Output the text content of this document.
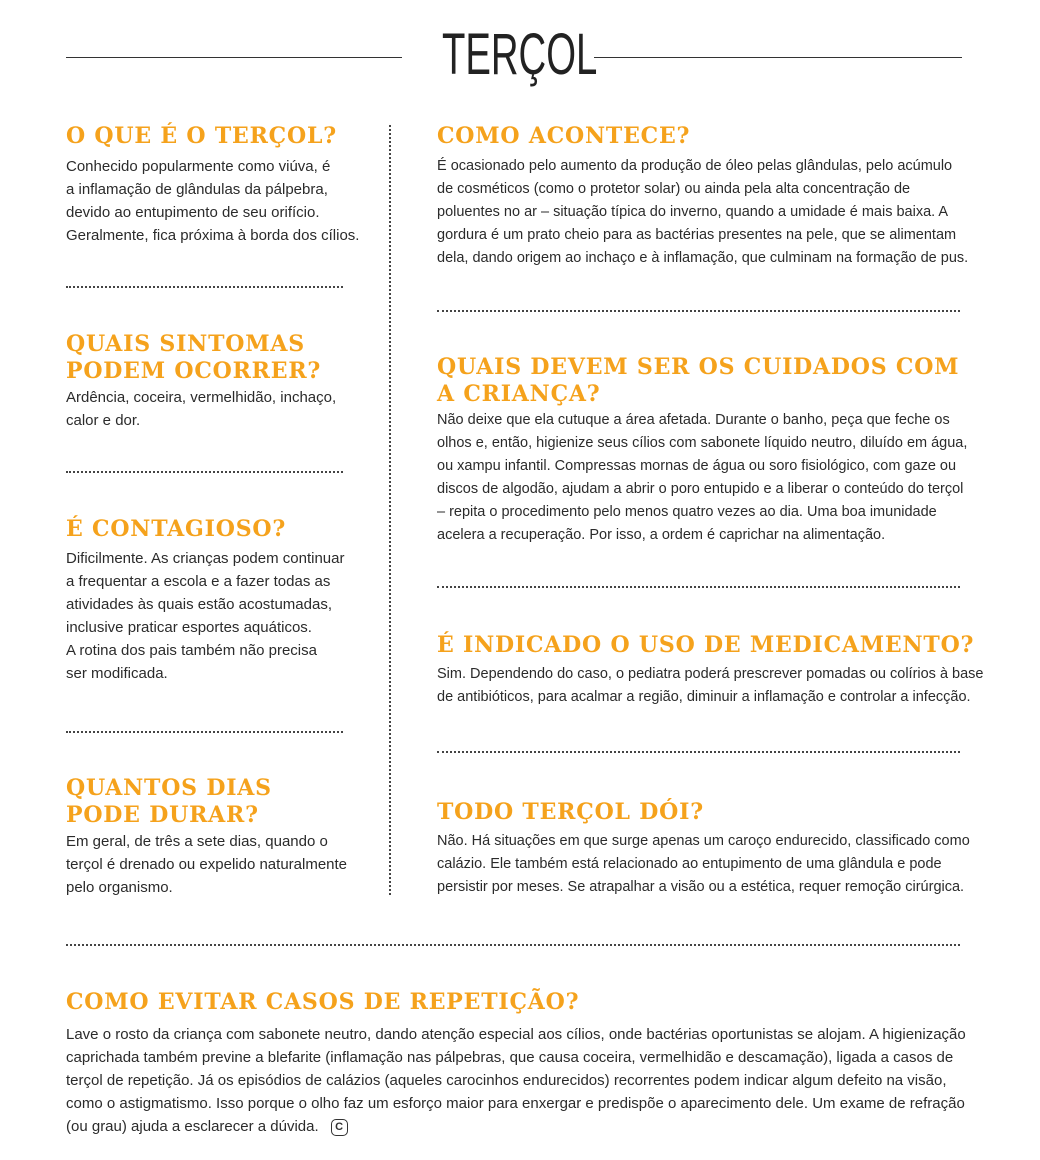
TERÇOL
O QUE É O TERÇOL?
Conhecido popularmente como viúva, é
a inflamação de glândulas da pálpebra,
devido ao entupimento de seu orifício.
Geralmente, fica próxima à borda dos cílios.
QUAIS SINTOMAS
PODEM OCORRER?
Ardência, coceira, vermelhidão, inchaço,
calor e dor.
É CONTAGIOSO?
Dificilmente. As crianças podem continuar
a frequentar a escola e a fazer todas as
atividades às quais estão acostumadas,
inclusive praticar esportes aquáticos.
A rotina dos pais também não precisa
ser modificada.
QUANTOS DIAS
PODE DURAR?
Em geral, de três a sete dias, quando o
terçol é drenado ou expelido naturalmente
pelo organismo.
COMO ACONTECE?
É ocasionado pelo aumento da produção de óleo pelas glândulas, pelo acúmulo
de cosméticos (como o protetor solar) ou ainda pela alta concentração de
poluentes no ar – situação típica do inverno, quando a umidade é mais baixa. A
gordura é um prato cheio para as bactérias presentes na pele, que se alimentam
dela, dando origem ao inchaço e à inflamação, que culminam na formação de pus.
QUAIS DEVEM SER OS CUIDADOS COM
A CRIANÇA?
Não deixe que ela cutuque a área afetada. Durante o banho, peça que feche os
olhos e, então, higienize seus cílios com sabonete líquido neutro, diluído em água,
ou xampu infantil. Compressas mornas de água ou soro fisiológico, com gaze ou
discos de algodão, ajudam a abrir o poro entupido e a liberar o conteúdo do terçol
– repita o procedimento pelo menos quatro vezes ao dia. Uma boa imunidade
acelera a recuperação. Por isso, a ordem é caprichar na alimentação.
É INDICADO O USO DE MEDICAMENTO?
Sim. Dependendo do caso, o pediatra poderá prescrever pomadas ou colírios à base
de antibióticos, para acalmar a região, diminuir a inflamação e controlar a infecção.
TODO TERÇOL DÓI?
Não. Há situações em que surge apenas um caroço endurecido, classificado como
calázio. Ele também está relacionado ao entupimento de uma glândula e pode
persistir por meses. Se atrapalhar a visão ou a estética, requer remoção cirúrgica.
COMO EVITAR CASOS DE REPETIÇÃO?
Lave o rosto da criança com sabonete neutro, dando atenção especial aos cílios, onde bactérias oportunistas se alojam. A higienização
caprichada também previne a blefarite (inflamação nas pálpebras, que causa coceira, vermelhidão e descamação), ligada a casos de
terçol de repetição. Já os episódios de calázios (aqueles carocinhos endurecidos) recorrentes podem indicar algum defeito na visão,
como o astigmatismo. Isso porque o olho faz um esforço maior para enxergar e predispõe o aparecimento dele. Um exame de refração
(ou grau) ajuda a esclarecer a dúvida. C
